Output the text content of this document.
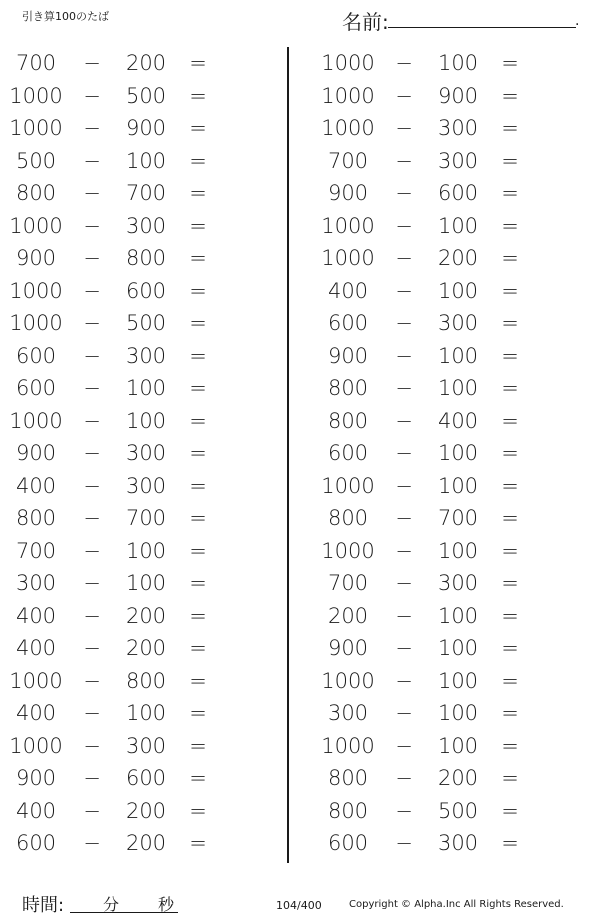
引き算100のたば	名前:	.
700	−	200	=
1000 −	500	=
1000 −	900	=
500	−	100	=
800	−	700	=
1000 −	300	=
900	−	800	=
1000 −	600	=
1000 −	500	=
600	−	300	=
600	−	100	=
1000 −	100	=
900	−	300	=
400	−	300	=
800	−	700	=
700	−	100	=
300	−	100	=
400	−	200	=
400	−	200	=
1000 −	800	=
400	−	100	=
1000 −	300	=
900	−	600	=
400	−	200	=
600	−	200	=
1000 −	100	=
1000 −	900	=
1000 −	300	=
700	−	300	=
900	−	600	=
1000 −	100	=
1000 −	200	=
400	−	100	=
600	−	300	=
900	−	100	=
800	−	100	=
800	−	400	=
600	−	100	=
1000 −	100	=
800	−	700	=
1000 −	100	=
700	−	300	=
200	−	100	=
900	−	100	=
1000 −	100	=
300	−	100	=
1000 −	100	=
800	−	200	=
800	−	500	=
600	−	300	=
時間: 分 秒	104/400	Copyright © Alpha.Inc All Rights Reserved.
